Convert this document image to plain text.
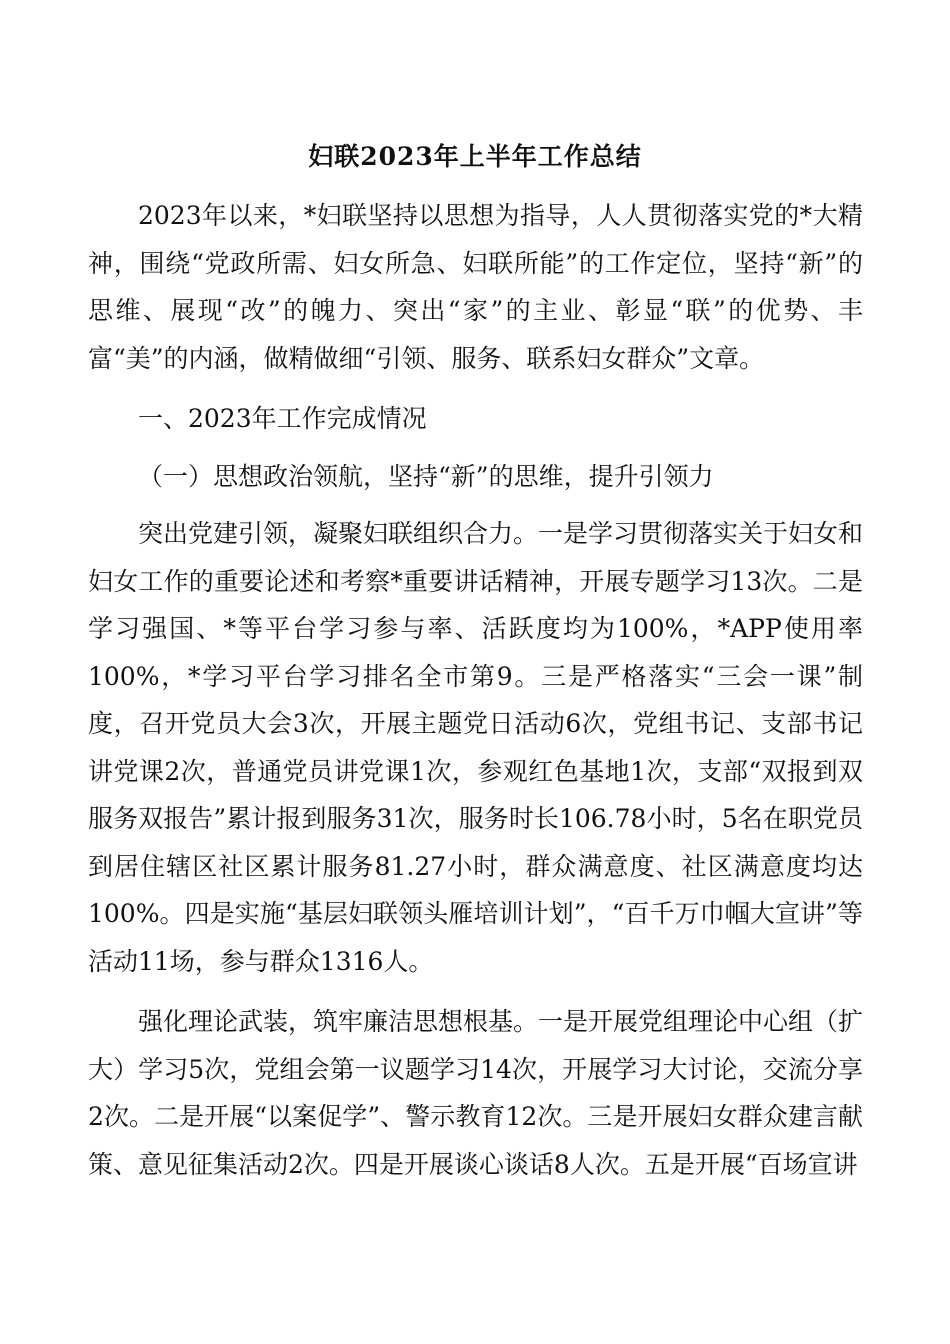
妇联2023年上半年工作总结

2023年以来，*妇联坚持以思想为指导，人人贯彻落实党的*大精神，围绕“党政所需、妇女所急、妇联所能”的工作定位，坚持“新”的思维、展现“改”的魄力、突出“家”的主业、彰显“联”的优势、丰富“美”的内涵，做精做细“引领、服务、联系妇女群众”文章。

一、2023年工作完成情况

（一）思想政治领航，坚持“新”的思维，提升引领力

突出党建引领，凝聚妇联组织合力。一是学习贯彻落实关于妇女和妇女工作的重要论述和考察*重要讲话精神，开展专题学习13次。二是学习强国、*等平台学习参与率、活跃度均为100%，*APP使用率100%，*学习平台学习排名全市第9。三是严格落实“三会一课”制度，召开党员大会3次，开展主题党日活动6次，党组书记、支部书记讲党课2次，普通党员讲党课1次，参观红色基地1次，支部“双报到双服务双报告”累计报到服务31次，服务时长106.78小时，5名在职党员到居住辖区社区累计服务81.27小时，群众满意度、社区满意度均达100%。四是实施“基层妇联领头雁培训计划”，“百千万巾帼大宣讲”等活动11场，参与群众1316人。

强化理论武装，筑牢廉洁思想根基。一是开展党组理论中心组（扩大）学习5次，党组会第一议题学习14次，开展学习大讨论，交流分享2次。二是开展“以案促学”、警示教育12次。三是开展妇女群众建言献策、意见征集活动2次。四是开展谈心谈话8人次。五是开展“百场宣讲
